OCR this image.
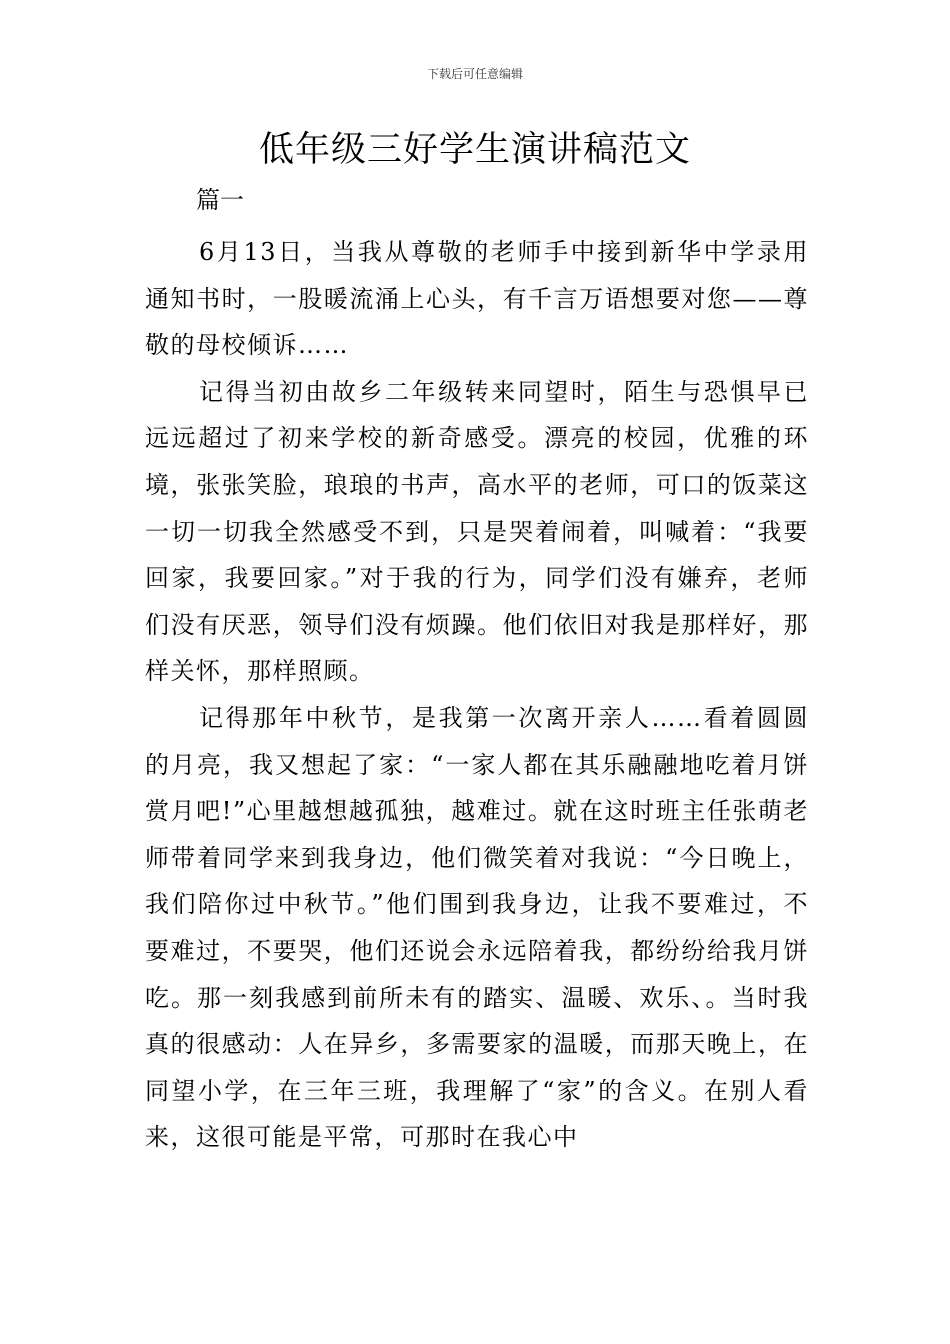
下载后可任意编辑
低年级三好学生演讲稿范文

篇一

6月13日，当我从尊敬的老师手中接到新华中学录用通知书时，一股暖流涌上心头，有千言万语想要对您——尊敬的母校倾诉……

记得当初由故乡二年级转来同望时，陌生与恐惧早已远远超过了初来学校的新奇感受。漂亮的校园，优雅的环境，张张笑脸，琅琅的书声，高水平的老师，可口的饭菜这一切一切我全然感受不到，只是哭着闹着，叫喊着：“我要回家，我要回家。”对于我的行为，同学们没有嫌弃，老师们没有厌恶，领导们没有烦躁。他们依旧对我是那样好，那样关怀，那样照顾。

记得那年中秋节，是我第一次离开亲人……看着圆圆的月亮，我又想起了家：“一家人都在其乐融融地吃着月饼赏月吧!”心里越想越孤独，越难过。就在这时班主任张萌老师带着同学来到我身边，他们微笑着对我说：“今日晚上，我们陪你过中秋节。”他们围到我身边，让我不要难过，不要难过，不要哭，他们还说会永远陪着我，都纷纷给我月饼吃。那一刻我感到前所未有的踏实、温暖、欢乐、。当时我真的很感动：人在异乡，多需要家的温暖，而那天晚上，在同望小学，在三年三班，我理解了“家”的含义。在别人看来，这很可能是平常，可那时在我心中
